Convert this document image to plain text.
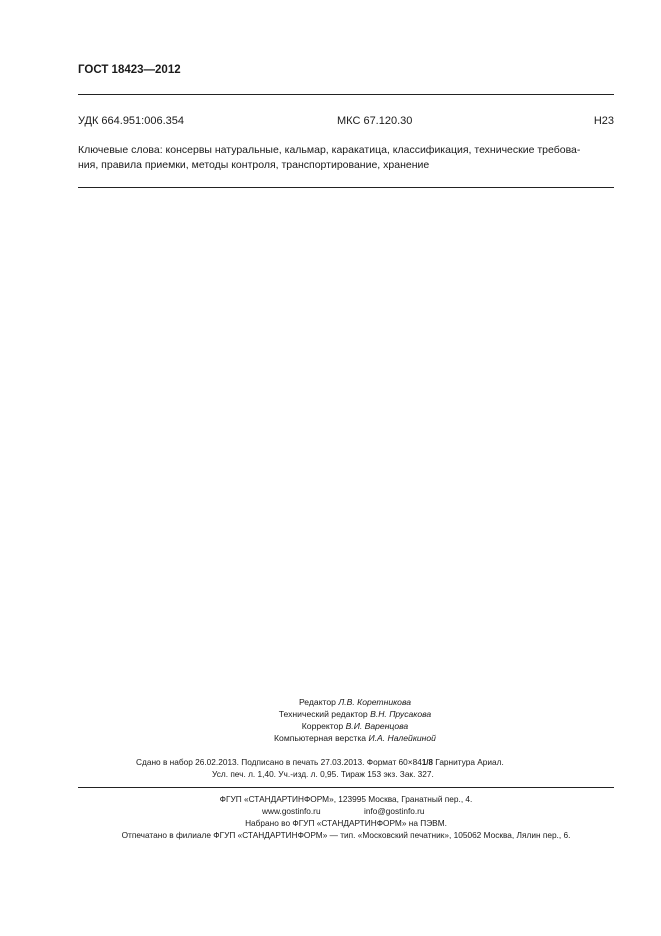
ГОСТ 18423—2012
УДК 664.951:006.354	МКС 67.120.30	Н23
Ключевые слова: консервы натуральные, кальмар, каракатица, классификация, технические требова-
ния, правила приемки, методы контроля, транспортирование, хранение
Редактор Л.В. Коретникова
Технический редактор В.Н. Прусакова
Корректор В.И. Варенцова
Компьютерная верстка И.А. Налейкиной
Сдано в набор 26.02.2013. Подписано в печать 27.03.2013. Формат 60×841/8 Гарнитура Ариал.
Усл. печ. л. 1,40. Уч.-изд. л. 0,95. Тираж 153 экз. Зак. 327.
ФГУП «СТАНДАРТИНФОРМ», 123995 Москва, Гранатный пер., 4.
www.gostinfo.ru	info@gostinfo.ru
Набрано во ФГУП «СТАНДАРТИНФОРМ» на ПЭВМ.
Отпечатано в филиале ФГУП «СТАНДАРТИНФОРМ» — тип. «Московский печатник», 105062 Москва, Лялин пер., 6.
